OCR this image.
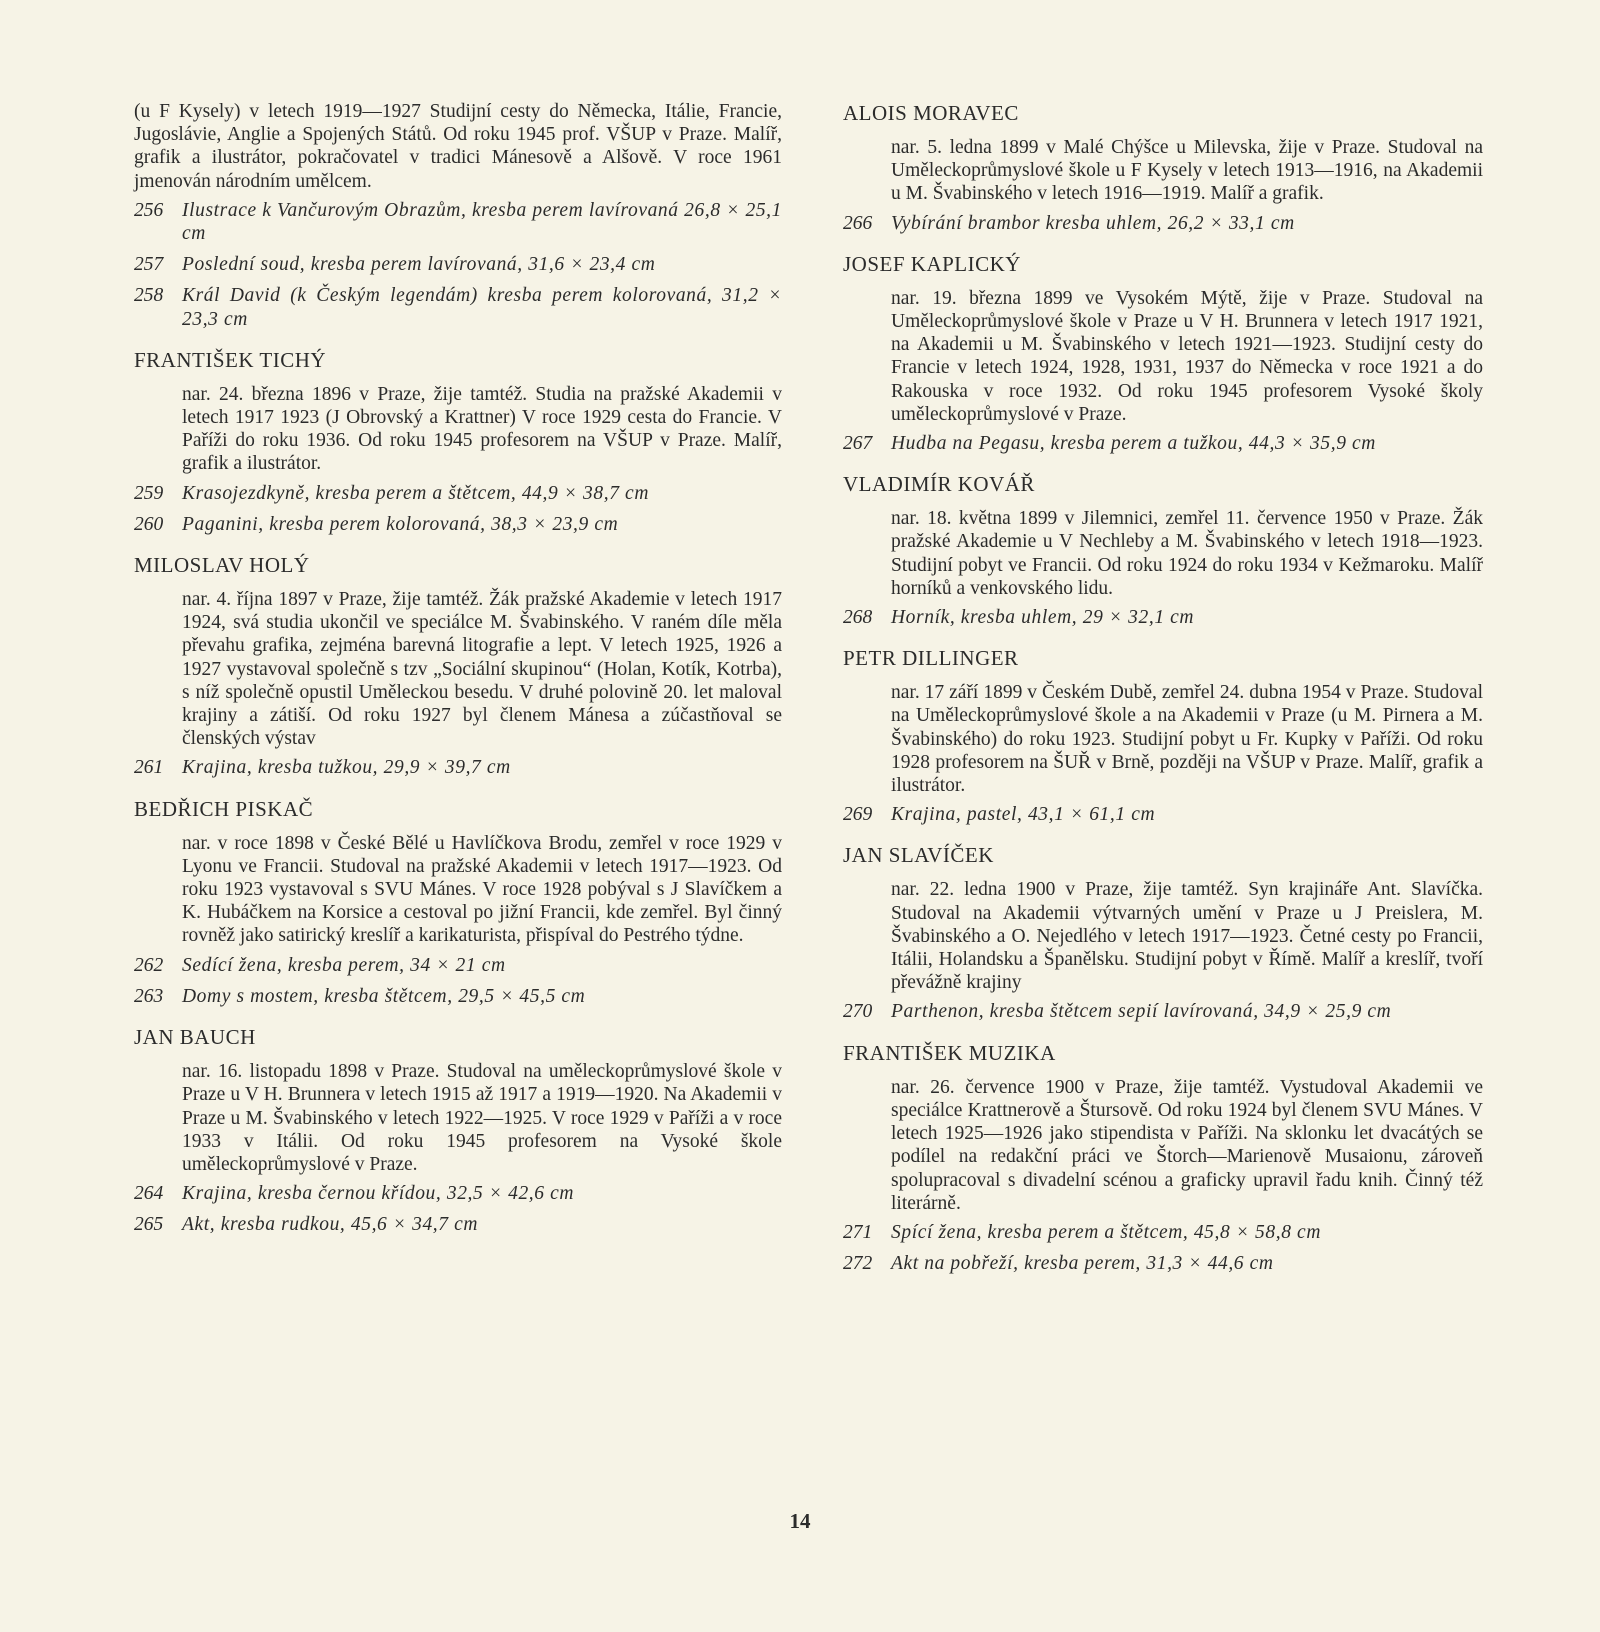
(u F Kysely) v letech 1919—1927 Studijní cesty do Německa, Itálie, Francie, Jugoslávie, Anglie a Spojených Států. Od roku 1945 prof. VŠUP v Praze. Malíř, grafik a ilustrátor, pokračovatel v tradici Mánesově a Alšově. V roce 1961 jmenován národním umělcem.

256 Ilustrace k Vančurovým Obrazům, kresba perem lavírovaná 26,8 × 25,1 cm
257 Poslední soud, kresba perem lavírovaná, 31,6 × 23,4 cm
258 Král David (k Českým legendám) kresba perem kolorovaná, 31,2 × 23,3 cm
FRANTIŠEK TICHÝ

nar. 24. března 1896 v Praze, žije tamtéž. Studia na pražské Akademii v letech 1917 1923 (J Obrovský a Krattner) V roce 1929 cesta do Francie. V Paříži do roku 1936. Od roku 1945 profesorem na VŠUP v Praze. Malíř, grafik a ilustrátor.

259 Krasojezdkyně, kresba perem a štětcem, 44,9 × 38,7 cm
260 Paganini, kresba perem kolorovaná, 38,3 × 23,9 cm
MILOSLAV HOLÝ

nar. 4. října 1897 v Praze, žije tamtéž. Žák pražské Akademie v letech 1917 1924, svá studia ukončil ve speciálce M. Švabinského. V raném díle měla převahu grafika, zejména barevná litografie a lept. V letech 1925, 1926 a 1927 vystavoval společně s tzv „Sociální skupinou“ (Holan, Kotík, Kotrba), s níž společně opustil Uměleckou besedu. V druhé polovině 20. let maloval krajiny a zátiší. Od roku 1927 byl členem Mánesa a zúčastňoval se členských výstav

261 Krajina, kresba tužkou, 29,9 × 39,7 cm
BEDŘICH PISKAČ

nar. v roce 1898 v České Bělé u Havlíčkova Brodu, zemřel v roce 1929 v Lyonu ve Francii. Studoval na pražské Akademii v letech 1917—1923. Od roku 1923 vystavoval s SVU Mánes. V roce 1928 pobýval s J Slavíčkem a K. Hubáčkem na Korsice a cestoval po jižní Francii, kde zemřel. Byl činný rovněž jako satirický kreslíř a karikaturista, přispíval do Pestrého týdne.

262 Sedící žena, kresba perem, 34 × 21 cm
263 Domy s mostem, kresba štětcem, 29,5 × 45,5 cm
JAN BAUCH

nar. 16. listopadu 1898 v Praze. Studoval na uměleckoprůmyslové škole v Praze u V H. Brunnera v letech 1915 až 1917 a 1919—1920. Na Akademii v Praze u M. Švabinského v letech 1922—1925. V roce 1929 v Paříži a v roce 1933 v Itálii. Od roku 1945 profesorem na Vysoké škole uměleckoprůmyslové v Praze.

264 Krajina, kresba černou křídou, 32,5 × 42,6 cm
265 Akt, kresba rudkou, 45,6 × 34,7 cm
ALOIS MORAVEC

nar. 5. ledna 1899 v Malé Chýšce u Milevska, žije v Praze. Studoval na Uměleckoprůmyslové škole u F Kysely v letech 1913—1916, na Akademii u M. Švabinského v letech 1916—1919. Malíř a grafik.

266 Vybírání brambor kresba uhlem, 26,2 × 33,1 cm
JOSEF KAPLICKÝ

nar. 19. března 1899 ve Vysokém Mýtě, žije v Praze. Studoval na Uměleckoprůmyslové škole v Praze u V H. Brunnera v letech 1917 1921, na Akademii u M. Švabinského v letech 1921—1923. Studijní cesty do Francie v letech 1924, 1928, 1931, 1937 do Německa v roce 1921 a do Rakouska v roce 1932. Od roku 1945 profesorem Vysoké školy uměleckoprůmyslové v Praze.

267 Hudba na Pegasu, kresba perem a tužkou, 44,3 × 35,9 cm
VLADIMÍR KOVÁŘ

nar. 18. května 1899 v Jilemnici, zemřel 11. července 1950 v Praze. Žák pražské Akademie u V Nechleby a M. Švabinského v letech 1918—1923. Studijní pobyt ve Francii. Od roku 1924 do roku 1934 v Kežmaroku. Malíř horníků a venkovského lidu.

268 Horník, kresba uhlem, 29 × 32,1 cm
PETR DILLINGER

nar. 17 září 1899 v Českém Dubě, zemřel 24. dubna 1954 v Praze. Studoval na Uměleckoprůmyslové škole a na Akademii v Praze (u M. Pirnera a M. Švabinského) do roku 1923. Studijní pobyt u Fr. Kupky v Paříži. Od roku 1928 profesorem na ŠUŘ v Brně, později na VŠUP v Praze. Malíř, grafik a ilustrátor.

269 Krajina, pastel, 43,1 × 61,1 cm
JAN SLAVÍČEK

nar. 22. ledna 1900 v Praze, žije tamtéž. Syn krajináře Ant. Slavíčka. Studoval na Akademii výtvarných umění v Praze u J Preislera, M. Švabinského a O. Nejedlého v letech 1917—1923. Četné cesty po Francii, Itálii, Holandsku a Španělsku. Studijní pobyt v Římě. Malíř a kreslíř, tvoří převážně krajiny

270 Parthenon, kresba štětcem sepií lavírovaná, 34,9 × 25,9 cm
FRANTIŠEK MUZIKA

nar. 26. července 1900 v Praze, žije tamtéž. Vystudoval Akademii ve speciálce Krattnerově a Štursově. Od roku 1924 byl členem SVU Mánes. V letech 1925—1926 jako stipendista v Paříži. Na sklonku let dvacátých se podílel na redakční práci ve Štorch—Marienově Musaionu, zároveň spolupracoval s divadelní scénou a graficky upravil řadu knih. Činný též literárně.

271 Spící žena, kresba perem a štětcem, 45,8 × 58,8 cm
272 Akt na pobřeží, kresba perem, 31,3 × 44,6 cm
14
